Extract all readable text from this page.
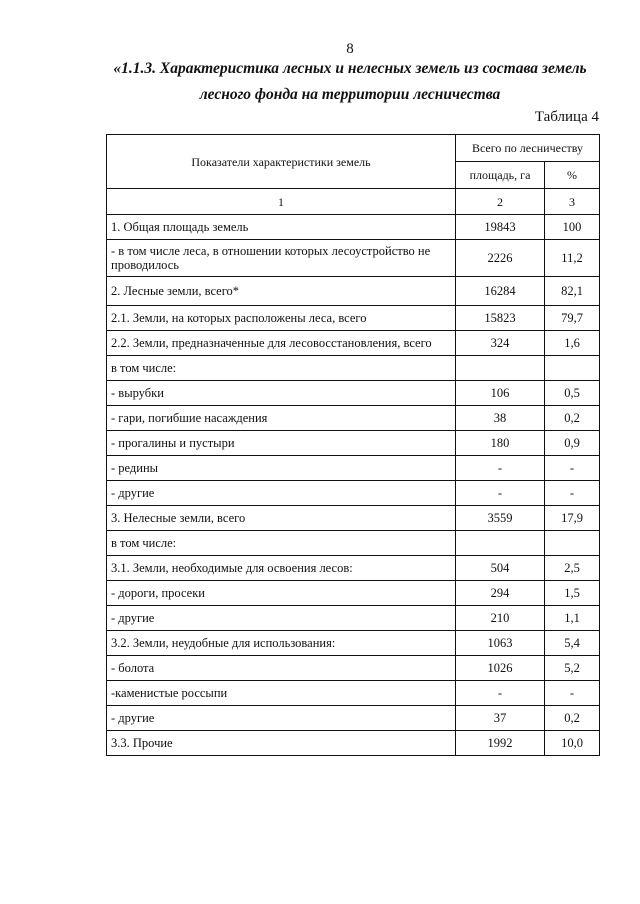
8
«1.1.3. Характеристика лесных и нелесных земель из состава земель
лесного фонда на территории лесничества
Таблица 4
Показатели характеристики земель	Всего по лесничеству	
	площадь, га	%
1	2	3
1. Общая площадь земель	19843	100
- в том числе леса, в отношении которых лесоустройство не проводилось	2226	11,2
2. Лесные земли, всего*	16284	82,1
2.1. Земли, на которых расположены леса, всего	15823	79,7
2.2. Земли, предназначенные для лесовосстановления, всего	324	1,6
в том числе:		
- вырубки	106	0,5
- гари, погибшие насаждения	38	0,2
- прогалины и пустыри	180	0,9
- редины	-	-
- другие	-	-
3. Нелесные земли, всего	3559	17,9
в том числе:		
3.1. Земли, необходимые для освоения лесов:	504	2,5
- дороги, просеки	294	1,5
- другие	210	1,1
3.2. Земли, неудобные для использования:	1063	5,4
- болота	1026	5,2
-каменистые россыпи	-	-
- другие	37	0,2
3.3. Прочие	1992	10,0
